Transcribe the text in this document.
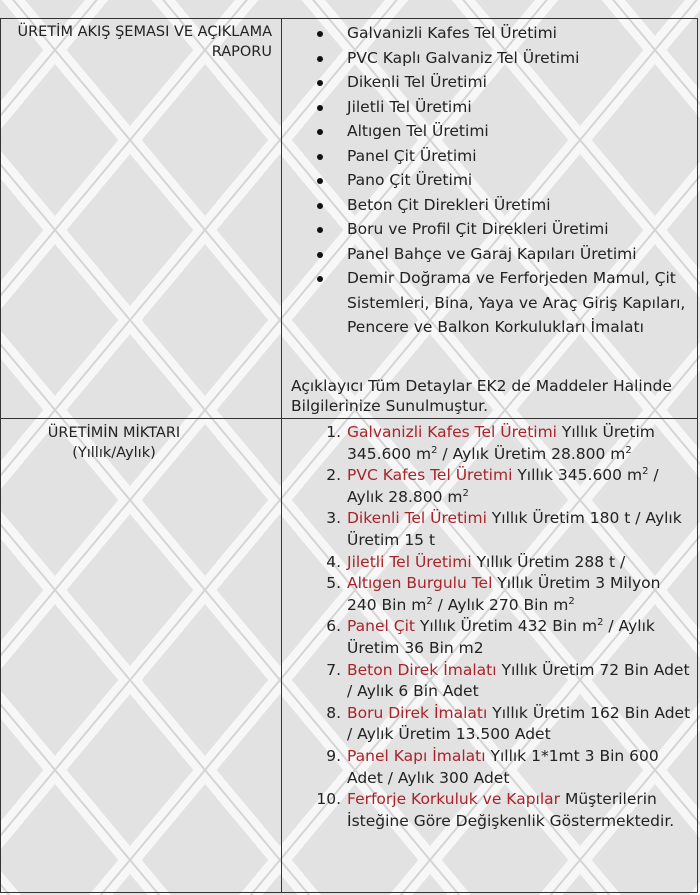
ÜRETİM AKIŞ ŞEMASI VE AÇIKLAMA RAPORU
ÜRETİMİN MİKTARI (Yıllık/Aylık)
Galvanizli Kafes Tel Üretimi
PVC Kaplı Galvaniz Tel Üretimi
Dikenli Tel Üretimi
Jiletli Tel Üretimi
Altıgen Tel Üretimi
Panel Çit Üretimi
Pano Çit Üretimi
Beton Çit Direkleri Üretimi
Boru ve Profil Çit Direkleri Üretimi
Panel Bahçe ve Garaj Kapıları Üretimi
Demir Doğrama ve Ferforjeden Mamul, Çit Sistemleri, Bina, Yaya ve Araç Giriş Kapıları, Pencere ve Balkon Korkulukları İmalatı
Açıklayıcı Tüm Detaylar EK2 de Maddeler Halinde Bilgilerinize Sunulmuştur.
1. Galvanizli Kafes Tel Üretimi Yıllık Üretim 345.600 $m^2$ / Aylık Üretim 28.800 $m^2$
2. PVC Kafes Tel Üretimi Yıllık 345.600 $m^2$ / Aylık 28.800 $m^2$
3. Dikenli Tel Üretimi Yıllık Üretim 180 t / Aylık Üretim 15 t
4. Jiletli Tel Üretimi Yıllık Üretim 288 t /
5. Altıgen Burgulu Tel Yıllık Üretim 3 Milyon 240 Bin $m^2$ / Aylık 270 Bin $m^2$
6. Panel Çit Yıllık Üretim 432 Bin $m^2$ / Aylık Üretim 36 Bin m2
7. Beton Direk İmalatı Yıllık Üretim 72 Bin Adet / Aylık 6 Bin Adet
8. Boru Direk İmalatı Yıllık Üretim 162 Bin Adet / Aylık Üretim 13.500 Adet
9. Panel Kapı İmalatı Yıllık 1*1mt 3 Bin 600 Adet / Aylık 300 Adet
10. Ferforje Korkuluk ve Kapılar Müşterilerin İsteğine Göre Değişkenlik Göstermektedir.
